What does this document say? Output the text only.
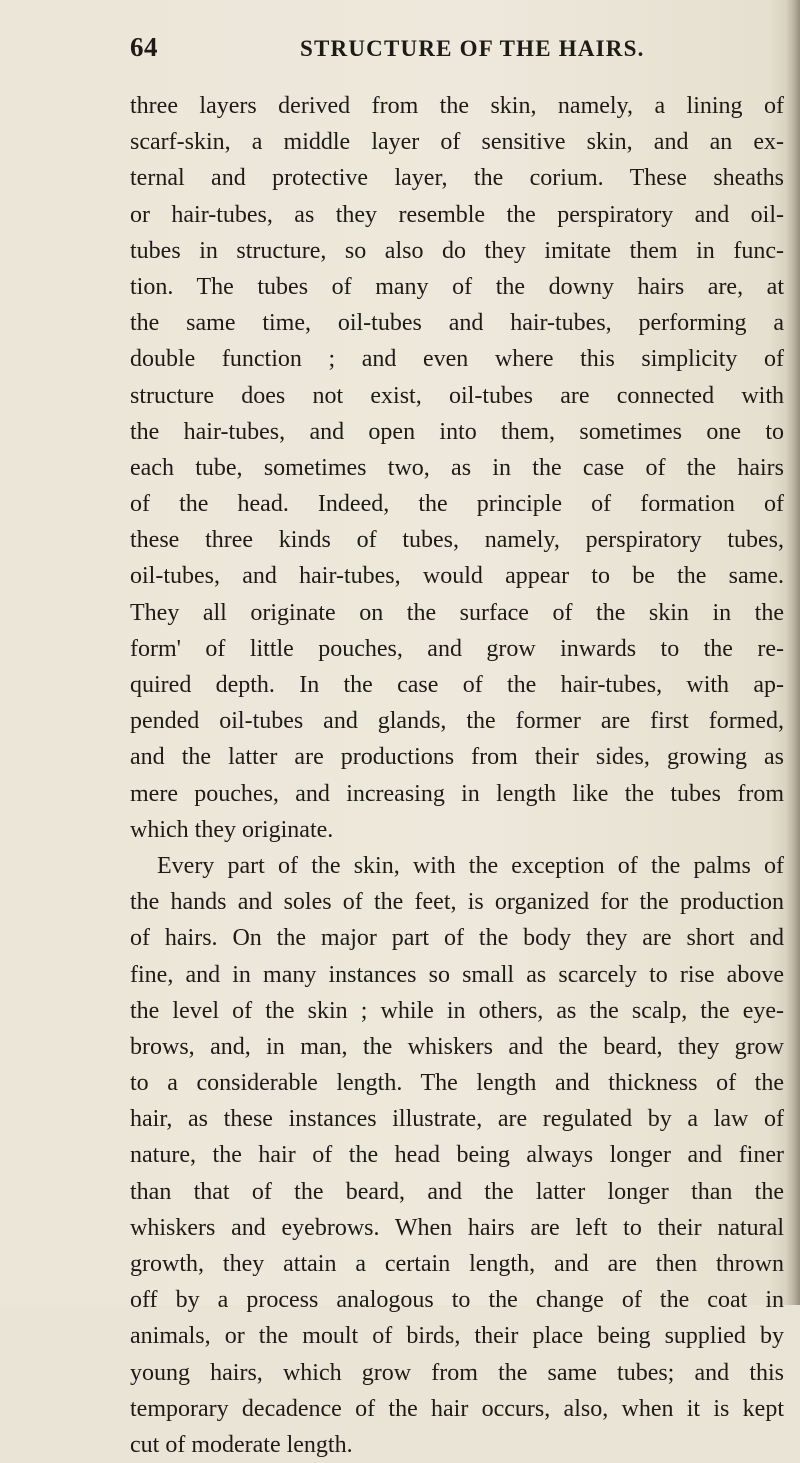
64	STRUCTURE OF THE HAIRS.
three layers derived from the skin, namely, a lining of
scarf-skin, a middle layer of sensitive skin, and an ex-
ternal and protective layer, the corium. These sheaths
or hair-tubes, as they resemble the perspiratory and oil-
tubes in structure, so also do they imitate them in func-
tion. The tubes of many of the downy hairs are, at
the same time, oil-tubes and hair-tubes, performing a
double function ; and even where this simplicity of
structure does not exist, oil-tubes are connected with
the hair-tubes, and open into them, sometimes one to
each tube, sometimes two, as in the case of the hairs
of the head. Indeed, the principle of formation of
these three kinds of tubes, namely, perspiratory tubes,
oil-tubes, and hair-tubes, would appear to be the same.
They all originate on the surface of the skin in the
form' of little pouches, and grow inwards to the re-
quired depth. In the case of the hair-tubes, with ap-
pended oil-tubes and glands, the former are first formed,
and the latter are productions from their sides, growing as
mere pouches, and increasing in length like the tubes from
which they originate.
Every part of the skin, with the exception of the palms of
the hands and soles of the feet, is organized for the production
of hairs. On the major part of the body they are short and
fine, and in many instances so small as scarcely to rise above
the level of the skin ; while in others, as the scalp, the eye-
brows, and, in man, the whiskers and the beard, they grow
to a considerable length. The length and thickness of the
hair, as these instances illustrate, are regulated by a law of
nature, the hair of the head being always longer and finer
than that of the beard, and the latter longer than the
whiskers and eyebrows. When hairs are left to their natural
growth, they attain a certain length, and are then thrown
off by a process analogous to the change of the coat in
animals, or the moult of birds, their place being supplied by
young hairs, which grow from the same tubes; and this
temporary decadence of the hair occurs, also, when it is kept
cut of moderate length.
